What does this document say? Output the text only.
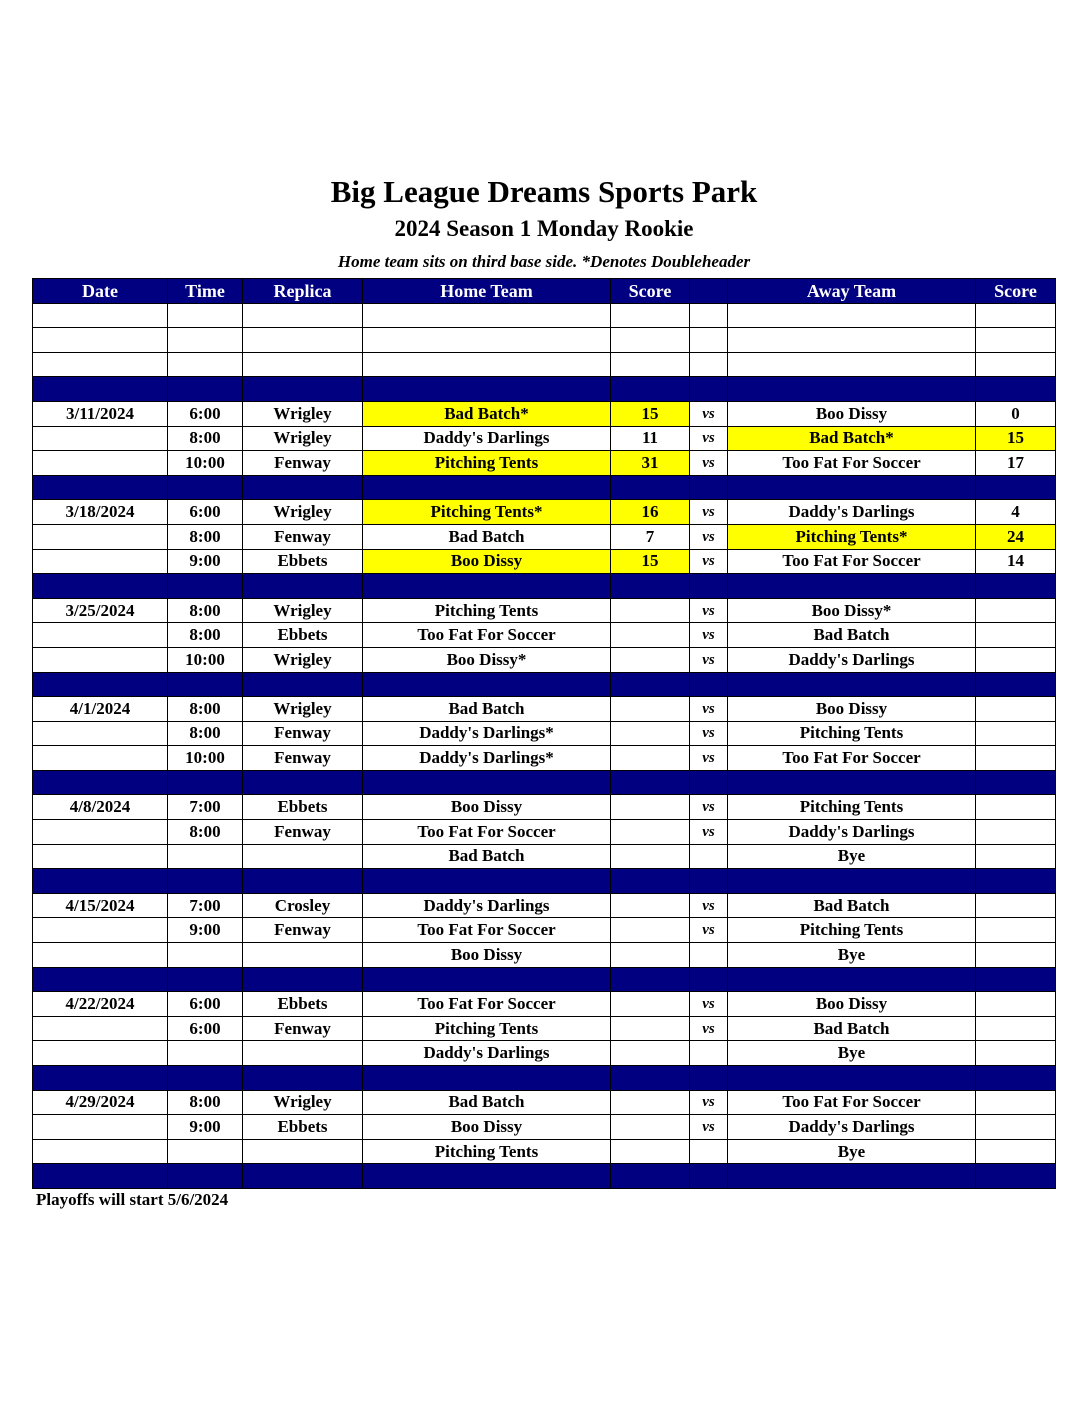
Big League Dreams Sports Park
2024 Season 1 Monday Rookie
Home team sits on third base side. *Denotes Doubleheader
Date	Time	Replica	Home Team	Score		Away Team	Score

3/11/2024	6:00	Wrigley	Bad Batch*	15	vs	Boo Dissy	0
	8:00	Wrigley	Daddy's Darlings	11	vs	Bad Batch*	15
	10:00	Fenway	Pitching Tents	31	vs	Too Fat For Soccer	17

3/18/2024	6:00	Wrigley	Pitching Tents*	16	vs	Daddy's Darlings	4
	8:00	Fenway	Bad Batch	7	vs	Pitching Tents*	24
	9:00	Ebbets	Boo Dissy	15	vs	Too Fat For Soccer	14

3/25/2024	8:00	Wrigley	Pitching Tents		vs	Boo Dissy*	
	8:00	Ebbets	Too Fat For Soccer		vs	Bad Batch	
	10:00	Wrigley	Boo Dissy*		vs	Daddy's Darlings	

4/1/2024	8:00	Wrigley	Bad Batch		vs	Boo Dissy	
	8:00	Fenway	Daddy's Darlings*		vs	Pitching Tents	
	10:00	Fenway	Daddy's Darlings*		vs	Too Fat For Soccer	

4/8/2024	7:00	Ebbets	Boo Dissy		vs	Pitching Tents	
	8:00	Fenway	Too Fat For Soccer		vs	Daddy's Darlings	
			Bad Batch			Bye	

4/15/2024	7:00	Crosley	Daddy's Darlings		vs	Bad Batch	
	9:00	Fenway	Too Fat For Soccer		vs	Pitching Tents	
			Boo Dissy			Bye	

4/22/2024	6:00	Ebbets	Too Fat For Soccer		vs	Boo Dissy	
	6:00	Fenway	Pitching Tents		vs	Bad Batch	
			Daddy's Darlings			Bye	

4/29/2024	8:00	Wrigley	Bad Batch		vs	Too Fat For Soccer	
	9:00	Ebbets	Boo Dissy		vs	Daddy's Darlings	
			Pitching Tents			Bye	

Playoffs will start 5/6/2024
